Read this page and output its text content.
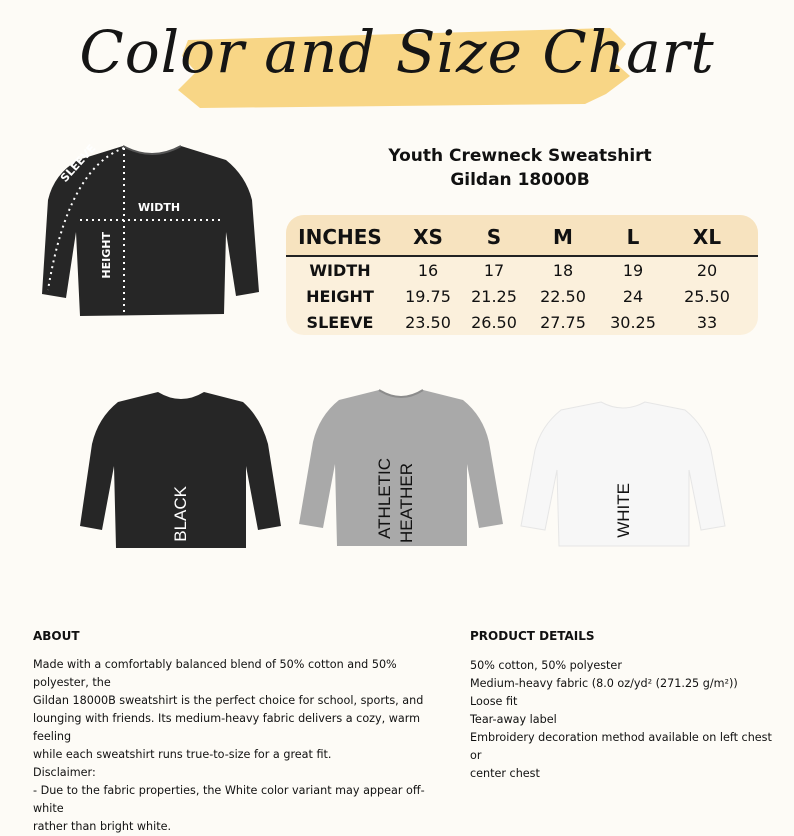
Color and Size Chart
SLEEVE
WIDTH
HEIGHT
Youth Crewneck Sweatshirt
Gildan 18000B
INCHES	XS	S	M	L	XL
WIDTH	16	17	18	19	20
HEIGHT	19.75	21.25	22.50	24	25.50
SLEEVE	23.50	26.50	27.75	30.25	33
BLACK	ATHLETIC HEATHER	WHITE
ABOUT
Made with a comfortably balanced blend of 50% cotton and 50% polyester, the
Gildan 18000B sweatshirt is the perfect choice for school, sports, and
lounging with friends. Its medium-heavy fabric delivers a cozy, warm feeling
while each sweatshirt runs true-to-size for a great fit.
Disclaimer:
- Due to the fabric properties, the White color variant may appear off-white
rather than bright white.
PRODUCT DETAILS
50% cotton, 50% polyester
Medium-heavy fabric (8.0 oz/yd² (271.25 g/m²))
Loose fit
Tear-away label
Embroidery decoration method available on left chest or
center chest
